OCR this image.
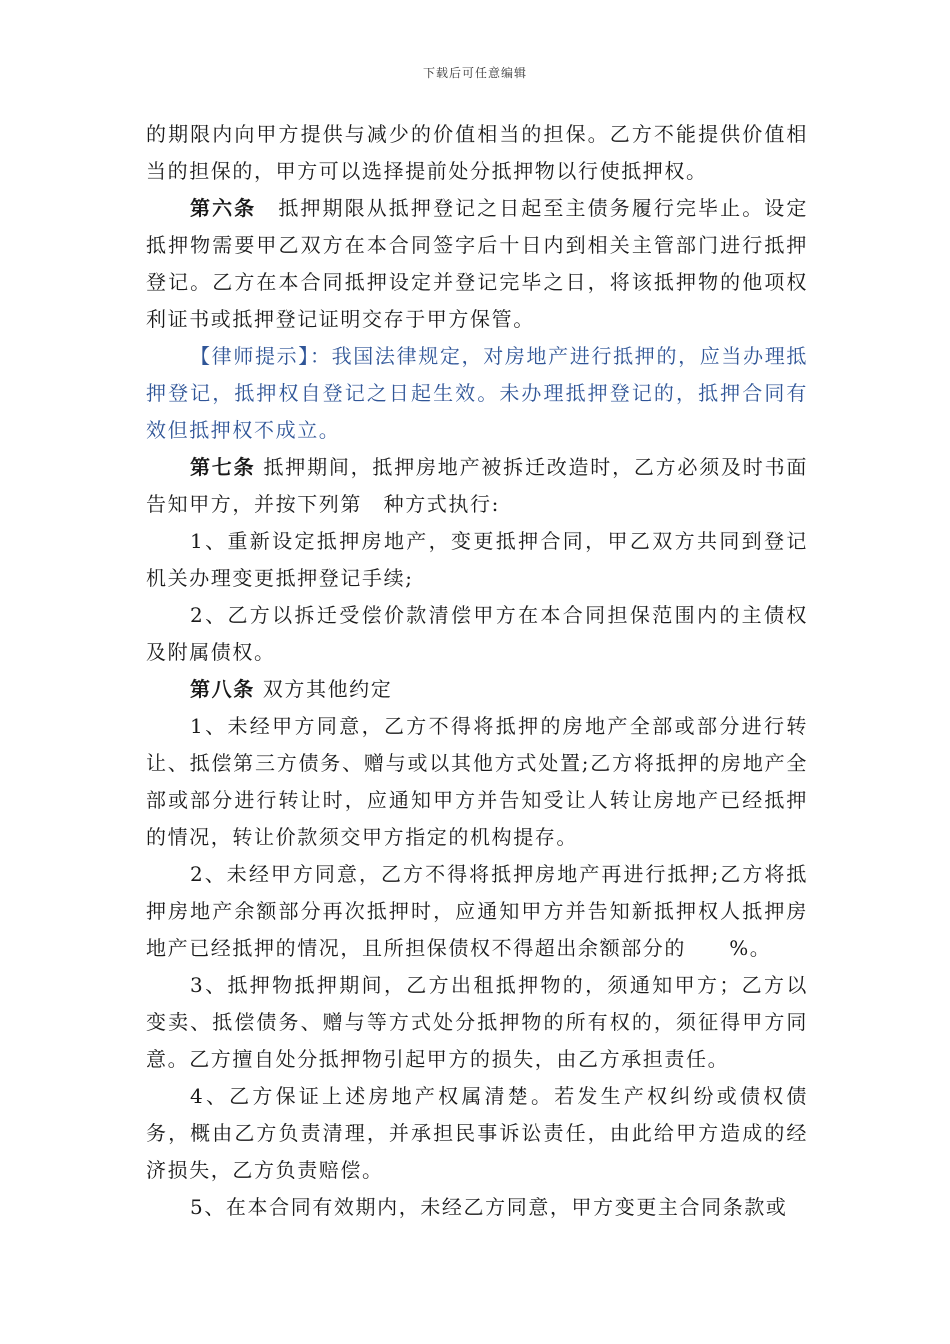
下载后可任意编辑

的期限内向甲方提供与减少的价值相当的担保。乙方不能提供价值相当的担保的，甲方可以选择提前处分抵押物以行使抵押权。

第六条　抵押期限从抵押登记之日起至主债务履行完毕止。设定抵押物需要甲乙双方在本合同签字后十日内到相关主管部门进行抵押登记。乙方在本合同抵押设定并登记完毕之日，将该抵押物的他项权利证书或抵押登记证明交存于甲方保管。

【律师提示】：我国法律规定，对房地产进行抵押的，应当办理抵押登记，抵押权自登记之日起生效。未办理抵押登记的，抵押合同有效但抵押权不成立。

第七条 抵押期间，抵押房地产被拆迁改造时，乙方必须及时书面告知甲方，并按下列第　种方式执行:

1、重新设定抵押房地产，变更抵押合同，甲乙双方共同到登记机关办理变更抵押登记手续;

2、乙方以拆迁受偿价款清偿甲方在本合同担保范围内的主债权及附属债权。

第八条 双方其他约定

1、未经甲方同意，乙方不得将抵押的房地产全部或部分进行转让、抵偿第三方债务、赠与或以其他方式处置;乙方将抵押的房地产全部或部分进行转让时，应通知甲方并告知受让人转让房地产已经抵押的情况，转让价款须交甲方指定的机构提存。

2、未经甲方同意，乙方不得将抵押房地产再进行抵押;乙方将抵押房地产余额部分再次抵押时，应通知甲方并告知新抵押权人抵押房地产已经抵押的情况，且所担保债权不得超出余额部分的　　%。

3、抵押物抵押期间，乙方出租抵押物的，须通知甲方；乙方以变卖、抵偿债务、赠与等方式处分抵押物的所有权的，须征得甲方同意。乙方擅自处分抵押物引起甲方的损失，由乙方承担责任。

4、乙方保证上述房地产权属清楚。若发生产权纠纷或债权债务，概由乙方负责清理，并承担民事诉讼责任，由此给甲方造成的经济损失，乙方负责赔偿。

5、在本合同有效期内，未经乙方同意，甲方变更主合同条款或
